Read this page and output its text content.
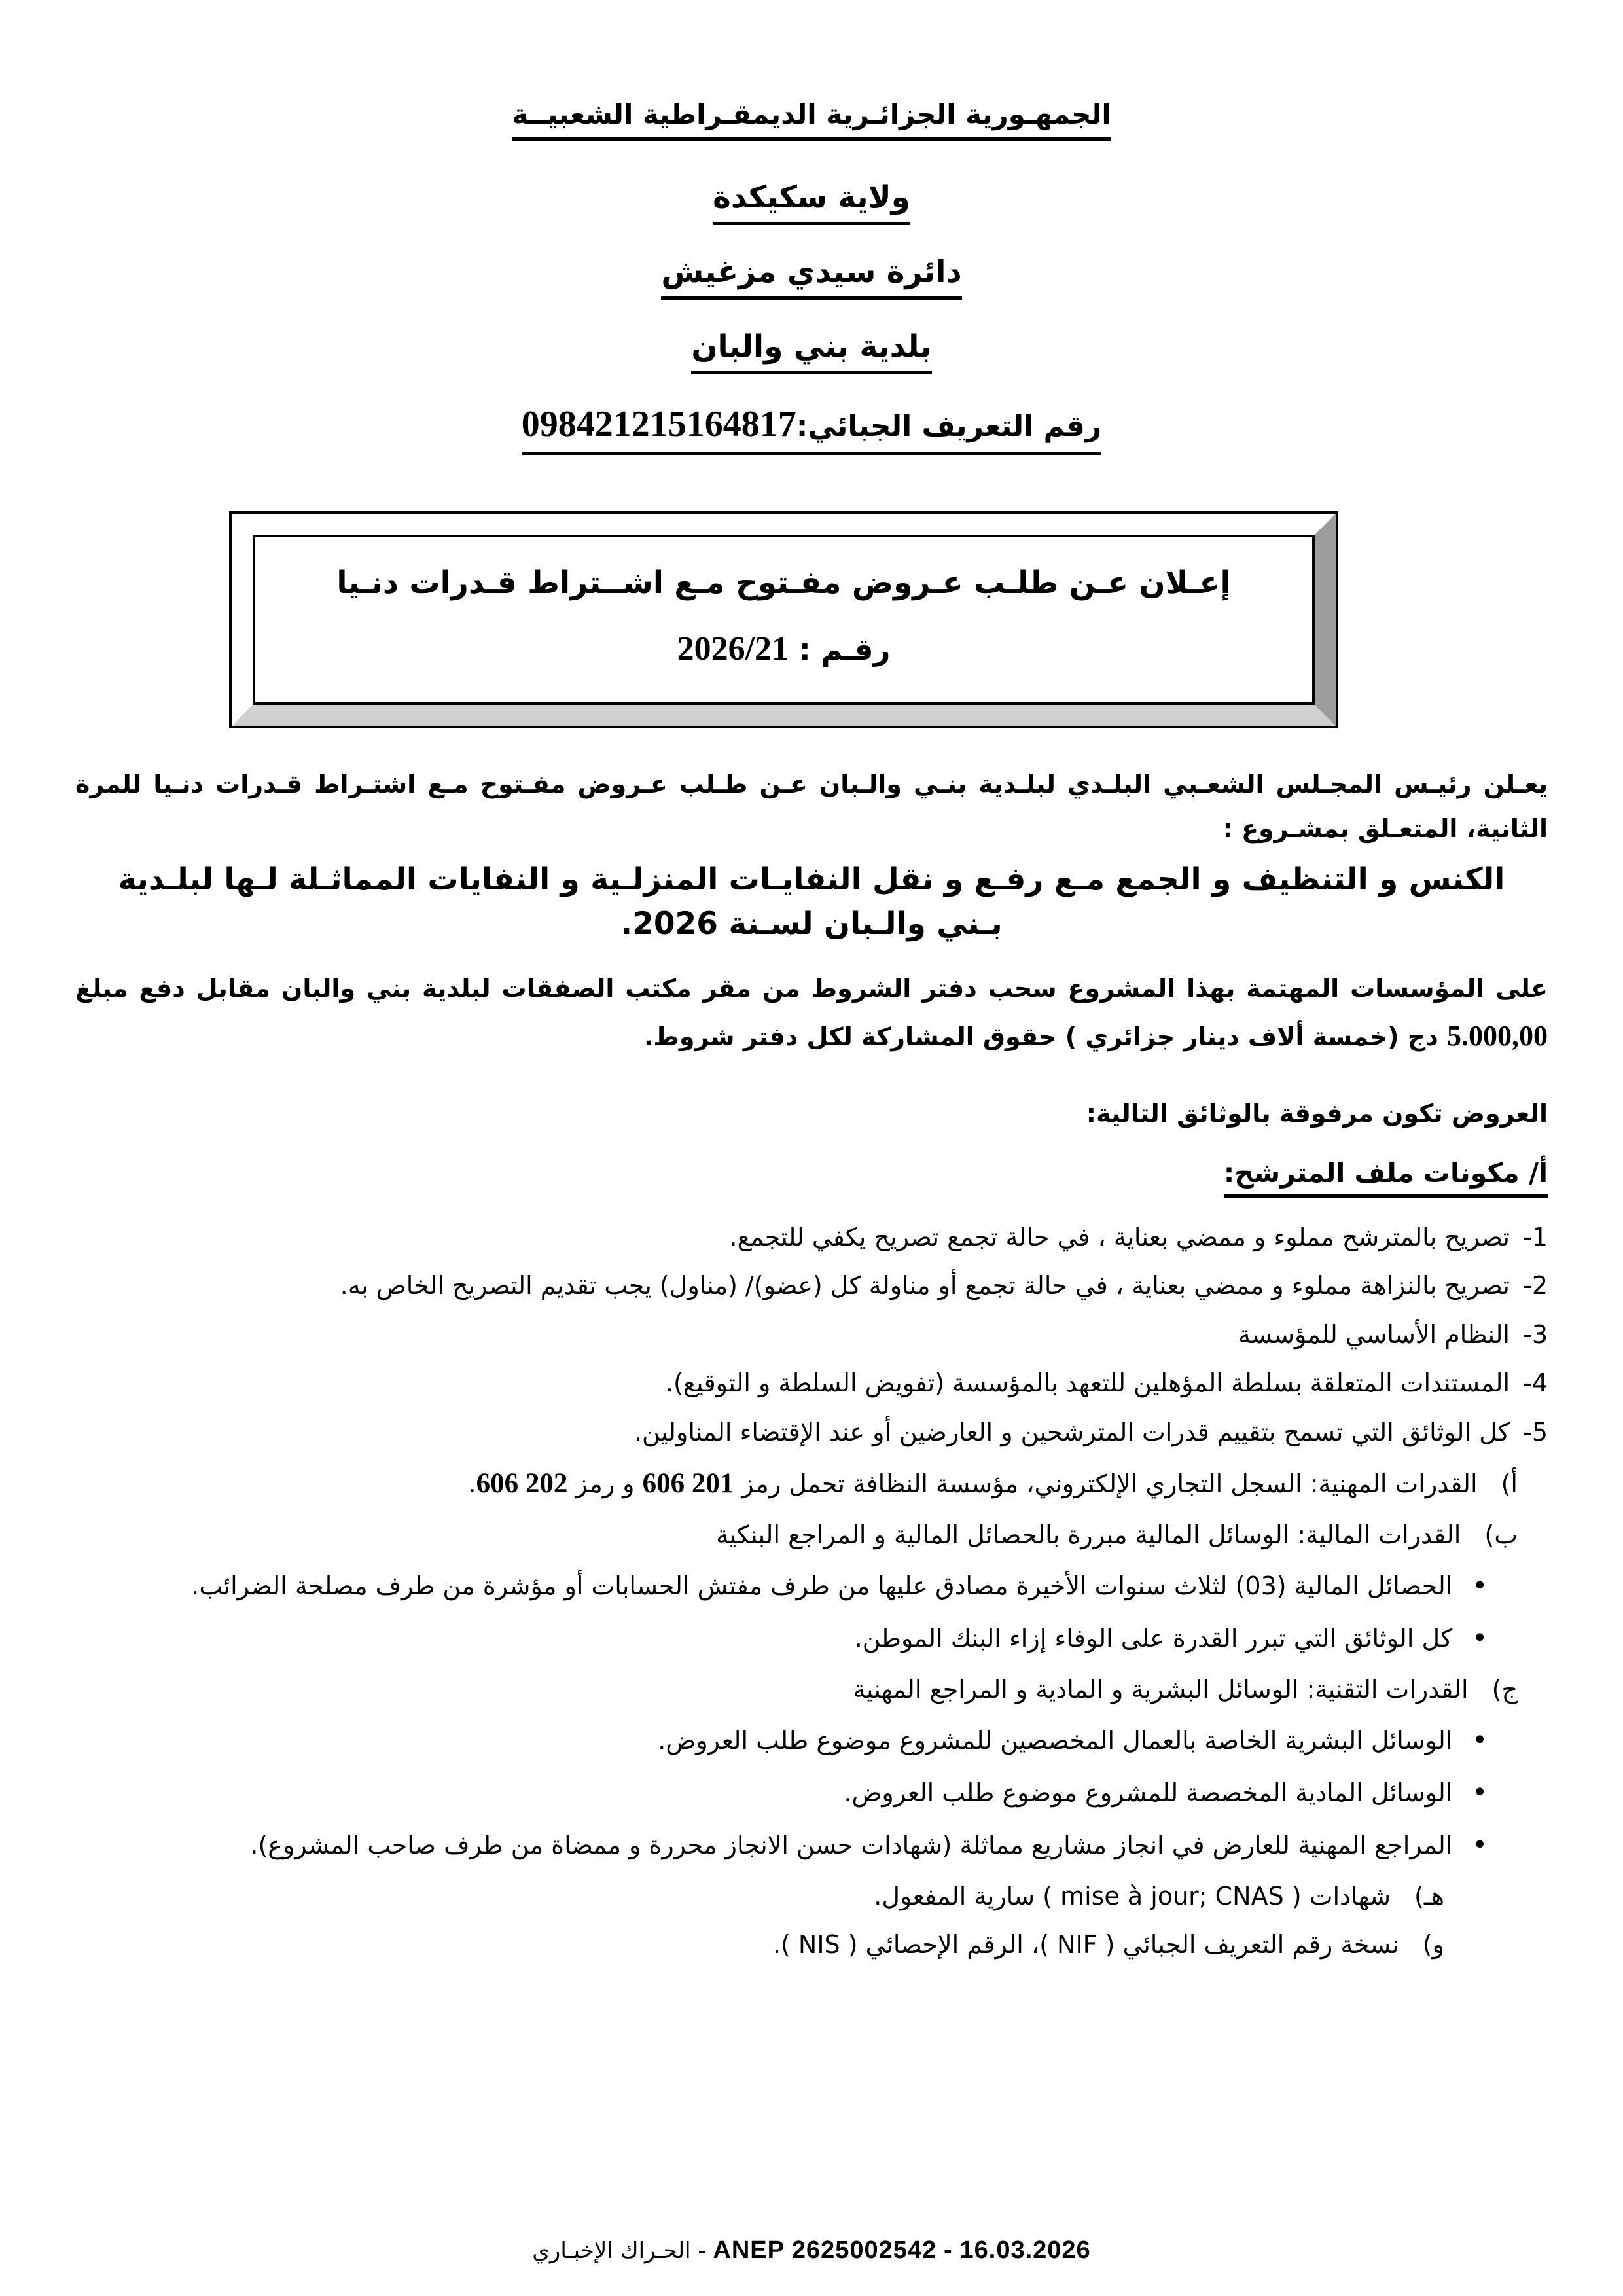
الجمهـورية الجزائـرية الديمقـراطية الشعبيــة
ولاية سكيكدة
دائرة سيدي مزغيش
بلدية بني والبان
رقم التعريف الجبائي:098421215164817
إعـلان عـن طلـب عـروض مفـتوح مـع اشــتراط قـدرات دنـيا
رقـم : 2026/21

يعـلن رئيـس المجـلس الشعـبي البلـدي لبلـدية بنـي والـبان عـن طـلب عـروض مفـتوح مـع اشتـراط قـدرات دنـيا للمرة الثانية، المتعـلق بمشـروع :

الكنس و التنظيف و الجمع مـع رفـع و نقل النفايـات المنزلـية و النفايات المماثـلة لـها لبلـدية
بـني والـبان لسـنة 2026.

على المؤسسات المهتمة بهذا المشروع سحب دفتر الشروط من مقر مكتب الصفقات لبلدية بني والبان مقابل دفع مبلغ 5.000,00 دج (خمسة ألاف دينار جزائري ) حقوق المشاركة لكل دفتر شروط.

العروض تكون مرفوقة بالوثائق التالية:

أ/ مكونات ملف المترشح:

1- تصريح بالمترشح مملوء و ممضي بعناية ، في حالة تجمع تصريح يكفي للتجمع.
2- تصريح بالنزاهة مملوء و ممضي بعناية ، في حالة تجمع أو مناولة كل (عضو)/ (مناول) يجب تقديم التصريح الخاص به.
3- النظام الأساسي للمؤسسة
4- المستندات المتعلقة بسلطة المؤهلين للتعهد بالمؤسسة (تفويض السلطة و التوقيع).
5- كل الوثائق التي تسمح بتقييم قدرات المترشحين و العارضين أو عند الإقتضاء المناولين.
أ) القدرات المهنية: السجل التجاري الإلكتروني، مؤسسة النظافة تحمل رمز 606 201 و رمز 606 202.
ب) القدرات المالية: الوسائل المالية مبررة بالحصائل المالية و المراجع البنكية
•الحصائل المالية (03) لثلاث سنوات الأخيرة مصادق عليها من طرف مفتش الحسابات أو مؤشرة من طرف مصلحة الضرائب.
•كل الوثائق التي تبرر القدرة على الوفاء إزاء البنك الموطن.
ج) القدرات التقنية: الوسائل البشرية و المادية و المراجع المهنية
•الوسائل البشرية الخاصة بالعمال المخصصين للمشروع موضوع طلب العروض.
•الوسائل المادية المخصصة للمشروع موضوع طلب العروض.
•المراجع المهنية للعارض في انجاز مشاريع مماثلة (شهادات حسن الانجاز محررة و ممضاة من طرف صاحب المشروع).
هـ) شهادات ( mise à jour; CNAS ) سارية المفعول.
و) نسخة رقم التعريف الجبائي ( NIF )، الرقم الإحصائي ( NIS ).
الحـراك الإخبـاري - ANEP 2625002542 - 16.03.2026
